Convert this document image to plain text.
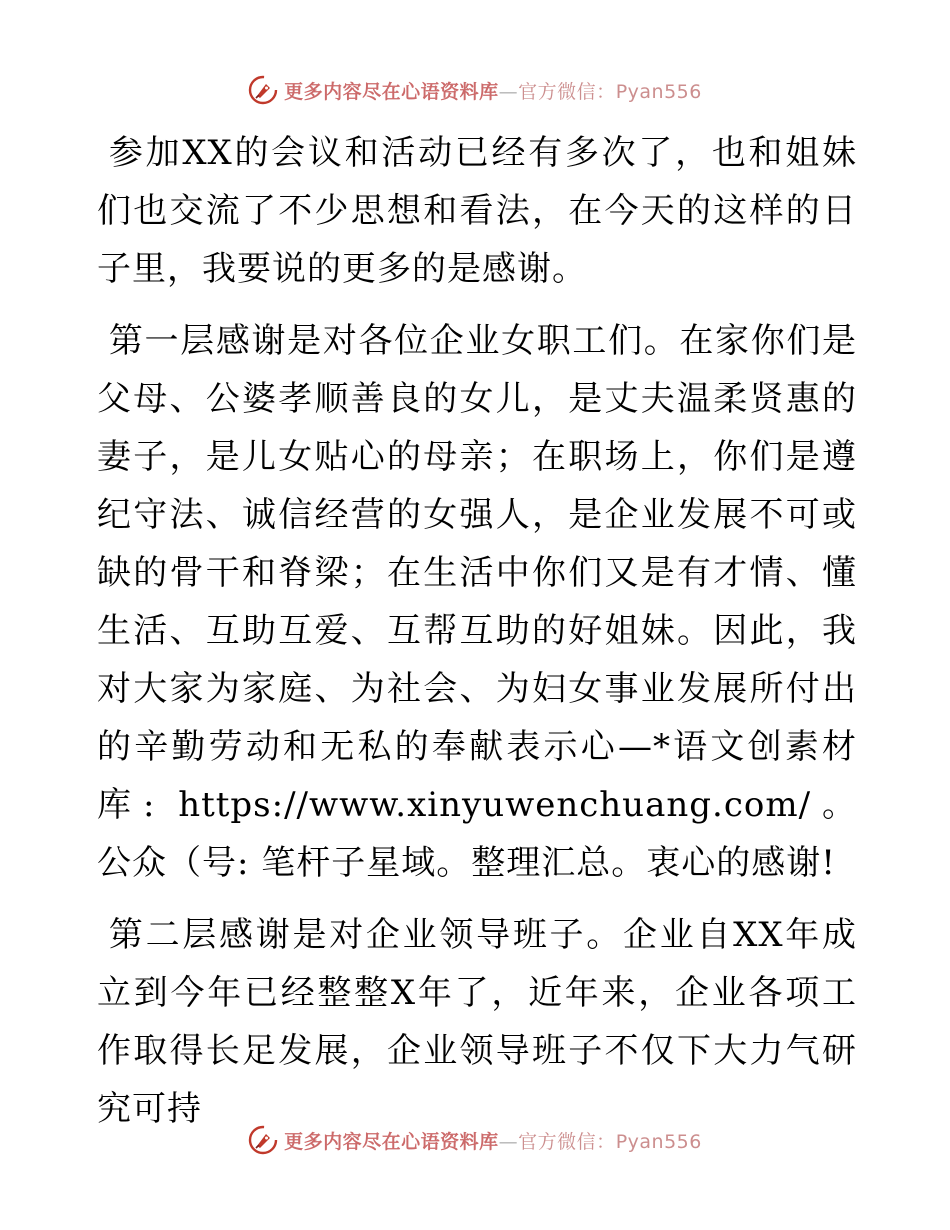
更多内容尽在心语资料库—官方微信：Pyan556

参加XX的会议和活动已经有多次了，也和姐妹们也交流了不少思想和看法，在今天的这样的日子里，我要说的更多的是感谢。

第一层感谢是对各位企业女职工们。在家你们是父母、公婆孝顺善良的女儿，是丈夫温柔贤惠的妻子，是儿女贴心的母亲；在职场上，你们是遵纪守法、诚信经营的女强人，是企业发展不可或缺的骨干和脊梁；在生活中你们又是有才情、懂生活、互助互爱、互帮互助的好姐妹。因此，我对大家为家庭、为社会、为妇女事业发展所付出的辛勤劳动和无私的奉献表示心—*语文创素材库: https://www.xinyuwenchuang.com/。公众（号: 笔杆子星域。整理汇总。衷心的感谢!

第二层感谢是对企业领导班子。企业自XX年成立到今年已经整整X年了，近年来，企业各项工作取得长足发展，企业领导班子不仅下大力气研究可持

更多内容尽在心语资料库—官方微信：Pyan556
